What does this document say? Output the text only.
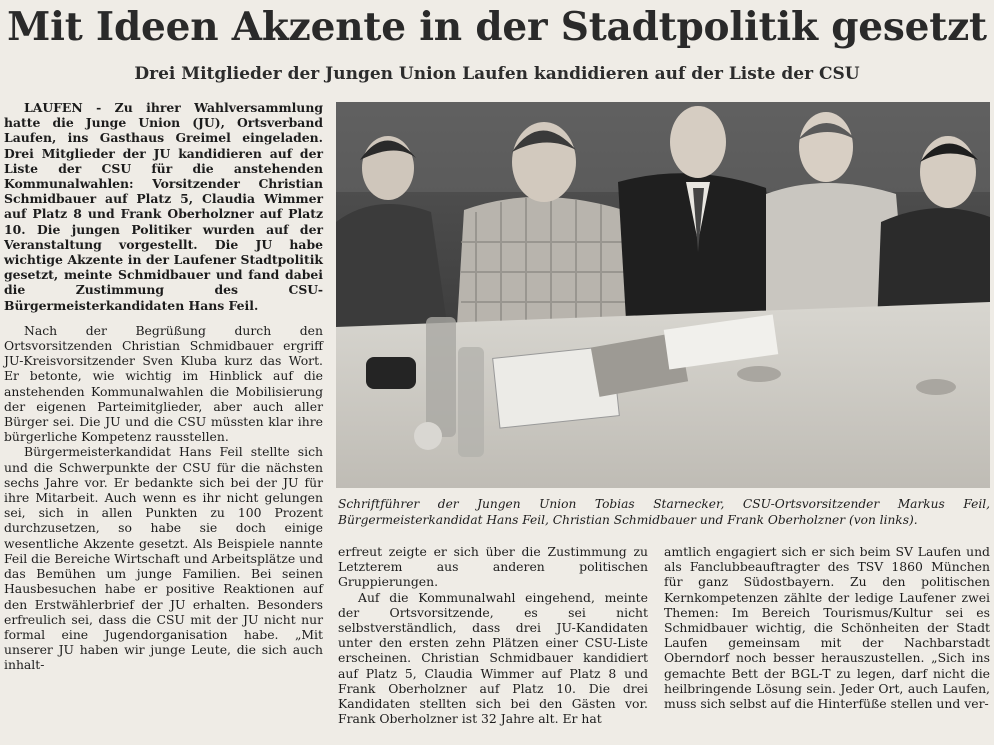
Mit Ideen Akzente in der Stadtpolitik gesetzt
Drei Mitglieder der Jungen Union Laufen kandidieren auf der Liste der CSU

LAUFEN - Zu ihrer Wahlversammlung hatte die Junge Union (JU), Ortsverband Laufen, ins Gasthaus Greimel eingeladen. Drei Mitglieder der JU kandidieren auf der Liste der CSU für die anstehenden Kommunalwahlen: Vorsitzender Christian Schmidbauer auf Platz 5, Claudia Wimmer auf Platz 8 und Frank Oberholzner auf Platz 10. Die jungen Politiker wurden auf der Veranstaltung vorgestellt. Die JU habe wichtige Akzente in der Laufener Stadtpolitik gesetzt, meinte Schmidbauer und fand dabei die Zustimmung des CSU-Bürgermeisterkandidaten Hans Feil.

Nach der Begrüßung durch den Ortsvorsitzenden Christian Schmidbauer ergriff JU-Kreisvorsitzender Sven Kluba kurz das Wort. Er betonte, wie wichtig im Hinblick auf die anstehenden Kommunalwahlen die Mobilisierung der eigenen Parteimitglieder, aber auch aller Bürger sei. Die JU und die CSU müssten klar ihre bürgerliche Kompetenz rausstellen.

Bürgermeisterkandidat Hans Feil stellte sich und die Schwerpunkte der CSU für die nächsten sechs Jahre vor. Er bedankte sich bei der JU für ihre Mitarbeit. Auch wenn es ihr nicht gelungen sei, sich in allen Punkten zu 100 Prozent durchzusetzen, so habe sie doch einige wesentliche Akzente gesetzt. Als Beispiele nannte Feil die Bereiche Wirtschaft und Arbeitsplätze und das Bemühen um junge Familien. Bei seinen Hausbesuchen habe er positive Reaktionen auf den Erstwählerbrief der JU erhalten. Besonders erfreulich sei, dass die CSU mit der JU nicht nur formal eine Jugendorganisation habe. „Mit unserer JU haben wir junge Leute, die sich auch inhalt-

Schriftführer der Jungen Union Tobias Starnecker, CSU-Ortsvorsitzender Markus Feil, Bürgermeisterkandidat Hans Feil, Christian Schmidbauer und Frank Oberholzner (von links).

erfreut zeigte er sich über die Zustimmung zu Letzterem aus anderen politischen Gruppierungen.

Auf die Kommunalwahl eingehend, meinte der Ortsvorsitzende, es sei nicht selbstverständlich, dass drei JU-Kandidaten unter den ersten zehn Plätzen einer CSU-Liste erscheinen. Christian Schmidbauer kandidiert auf Platz 5, Claudia Wimmer auf Platz 8 und Frank Oberholzner auf Platz 10. Die drei Kandidaten stellten sich bei den Gästen vor. Frank Oberholzner ist 32 Jahre alt. Er hat

amtlich engagiert sich er sich beim SV Laufen und als Fanclubbeauftragter des TSV 1860 München für ganz Südostbayern. Zu den politischen Kernkompetenzen zählte der ledige Laufener zwei Themen: Im Bereich Tourismus/Kultur sei es Schmidbauer wichtig, die Schönheiten der Stadt Laufen gemeinsam mit der Nachbarstadt Oberndorf noch besser herauszustellen. „Sich ins gemachte Bett der BGL-T zu legen, darf nicht die heilbringende Lösung sein. Jeder Ort, auch Laufen, muss sich selbst auf die Hinterfüße stellen und ver-
